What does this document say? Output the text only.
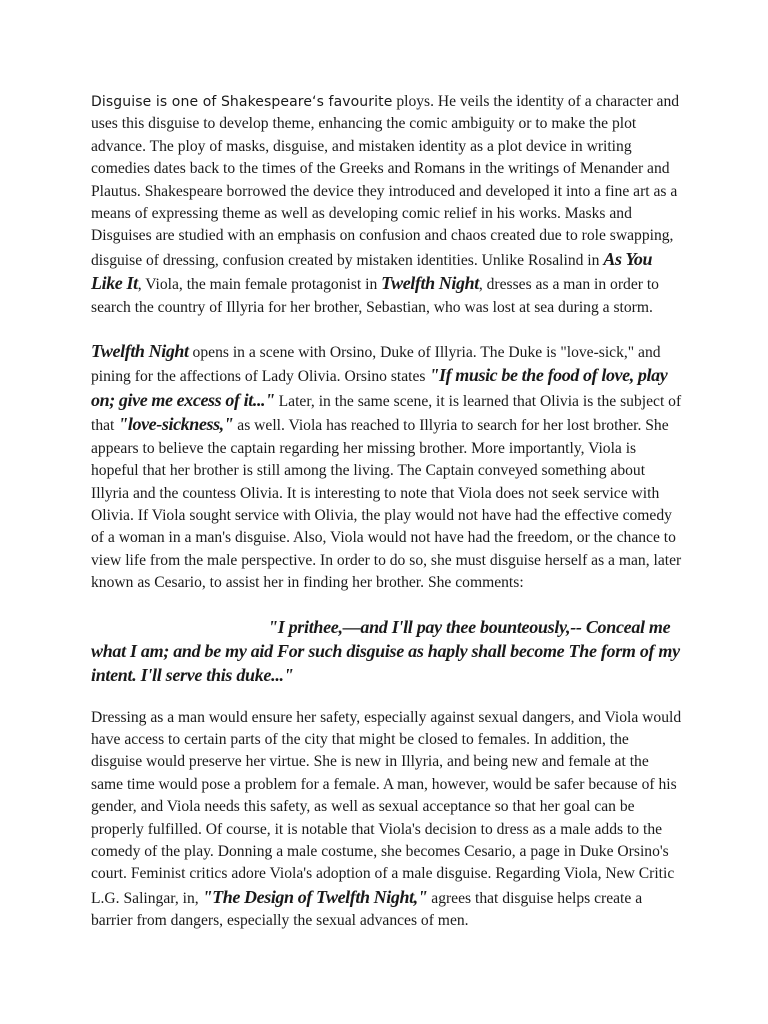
Disguise is one of Shakespeare‘s favourite ploys. He veils the identity of a character and uses this disguise to develop theme, enhancing the comic ambiguity or to make the plot advance. The ploy of masks, disguise, and mistaken identity as a plot device in writing comedies dates back to the times of the Greeks and Romans in the writings of Menander and Plautus. Shakespeare borrowed the device they introduced and developed it into a fine art as a means of expressing theme as well as developing comic relief in his works. Masks and Disguises are studied with an emphasis on confusion and chaos created due to role swapping, disguise of dressing, confusion created by mistaken identities. Unlike Rosalind in As You Like It, Viola, the main female protagonist in Twelfth Night, dresses as a man in order to search the country of Illyria for her brother, Sebastian, who was lost at sea during a storm.

Twelfth Night opens in a scene with Orsino, Duke of Illyria. The Duke is "love-sick," and pining for the affections of Lady Olivia. Orsino states "If music be the food of love, play on; give me excess of it..." Later, in the same scene, it is learned that Olivia is the subject of that "love-sickness," as well. Viola has reached to Illyria to search for her lost brother. She appears to believe the captain regarding her missing brother. More importantly, Viola is hopeful that her brother is still among the living. The Captain conveyed something about Illyria and the countess Olivia. It is interesting to note that Viola does not seek service with Olivia. If Viola sought service with Olivia, the play would not have had the effective comedy of a woman in a man's disguise. Also, Viola would not have had the freedom, or the chance to view life from the male perspective. In order to do so, she must disguise herself as a man, later known as Cesario, to assist her in finding her brother. She comments:

"I prithee,—and I'll pay thee bounteously,-- Conceal me what I am; and be my aid For such disguise as haply shall become The form of my intent. I'll serve this duke..."

Dressing as a man would ensure her safety, especially against sexual dangers, and Viola would have access to certain parts of the city that might be closed to females. In addition, the disguise would preserve her virtue. She is new in Illyria, and being new and female at the same time would pose a problem for a female. A man, however, would be safer because of his gender, and Viola needs this safety, as well as sexual acceptance so that her goal can be properly fulfilled. Of course, it is notable that Viola's decision to dress as a male adds to the comedy of the play. Donning a male costume, she becomes Cesario, a page in Duke Orsino's court. Feminist critics adore Viola's adoption of a male disguise. Regarding Viola, New Critic L.G. Salingar, in, "The Design of Twelfth Night," agrees that disguise helps create a barrier from dangers, especially the sexual advances of men.
